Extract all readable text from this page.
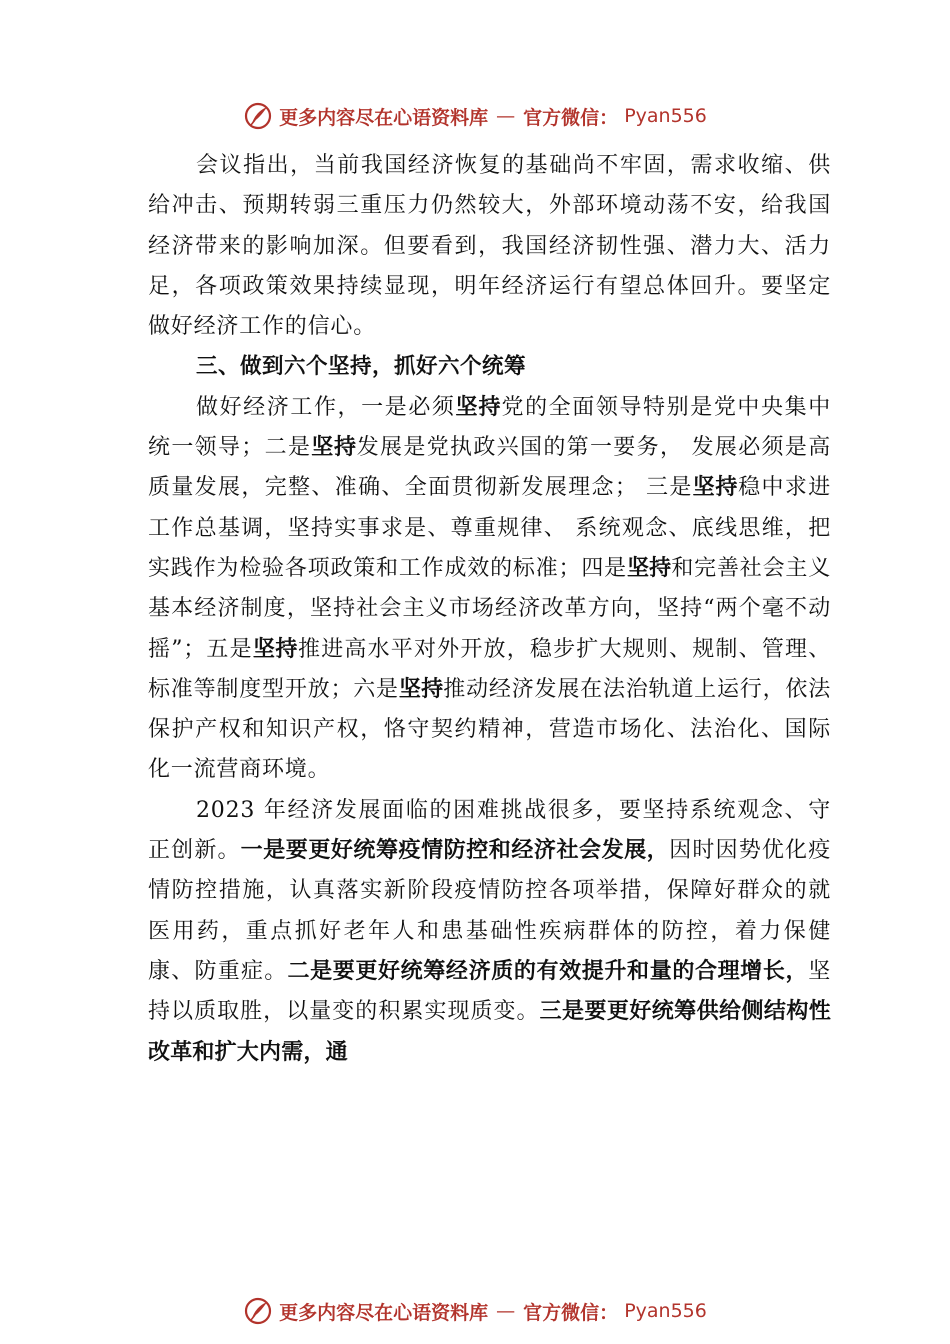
更多内容尽在心语资料库 — 官方微信： Pyan556

会议指出，当前我国经济恢复的基础尚不牢固，需求收缩、供给冲击、预期转弱三重压力仍然较大，外部环境动荡不安，给我国经济带来的影响加深。但要看到，我国经济韧性强、潜力大、活力足，各项政策效果持续显现，明年经济运行有望总体回升。要坚定做好经济工作的信心。

三、做到六个坚持，抓好六个统筹

做好经济工作，一是必须坚持党的全面领导特别是党中央集中统一领导；二是坚持发展是党执政兴国的第一要务， 发展必须是高质量发展，完整、准确、全面贯彻新发展理念； 三是坚持稳中求进工作总基调，坚持实事求是、尊重规律、 系统观念、底线思维，把实践作为检验各项政策和工作成效的标准；四是坚持和完善社会主义基本经济制度，坚持社会主义市场经济改革方向，坚持“两个毫不动摇”；五是坚持推进高水平对外开放，稳步扩大规则、规制、管理、标准等制度型开放；六是坚持推动经济发展在法治轨道上运行，依法保护产权和知识产权，恪守契约精神，营造市场化、法治化、国际化一流营商环境。

2023 年经济发展面临的困难挑战很多，要坚持系统观念、守正创新。一是要更好统筹疫情防控和经济社会发展，因时因势优化疫情防控措施，认真落实新阶段疫情防控各项举措，保障好群众的就医用药，重点抓好老年人和患基础性疾病群体的防控，着力保健康、防重症。二是要更好统筹经济质的有效提升和量的合理增长，坚持以质取胜，以量变的积累实现质变。三是要更好统筹供给侧结构性改革和扩大内需，通

更多内容尽在心语资料库 — 官方微信： Pyan556
